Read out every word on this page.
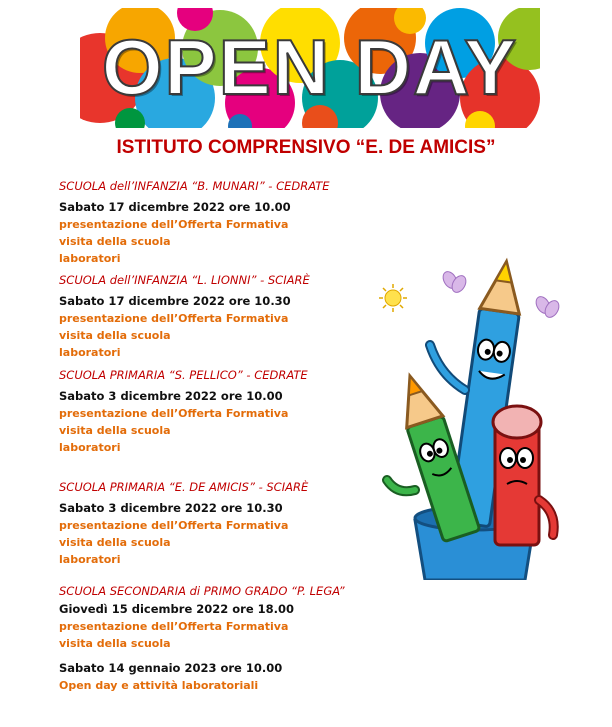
OPEN DAY
ISTITUTO COMPRENSIVO “E. DE AMICIS”
SCUOLA dell’INFANZIA “B. MUNARI” - CEDRATE
Sabato 17 dicembre 2022 ore 10.00
presentazione dell’Offerta Formativa
visita della scuola
laboratori
SCUOLA dell’INFANZIA “L. LIONNI” - SCIARÈ
Sabato 17 dicembre 2022 ore 10.30
presentazione dell’Offerta Formativa
visita della scuola
laboratori
SCUOLA PRIMARIA “S. PELLICO” - CEDRATE
Sabato 3 dicembre 2022 ore 10.00
presentazione dell’Offerta Formativa
visita della scuola
laboratori
SCUOLA PRIMARIA “E. DE AMICIS” - SCIARÈ
Sabato 3 dicembre 2022 ore 10.30
presentazione dell’Offerta Formativa
visita della scuola
laboratori
SCUOLA SECONDARIA di PRIMO GRADO “P. LEGA”
Giovedì 15 dicembre 2022 ore 18.00
presentazione dell’Offerta Formativa
visita della scuola
Sabato 14 gennaio 2023 ore 10.00
Open day e attività laboratoriali
